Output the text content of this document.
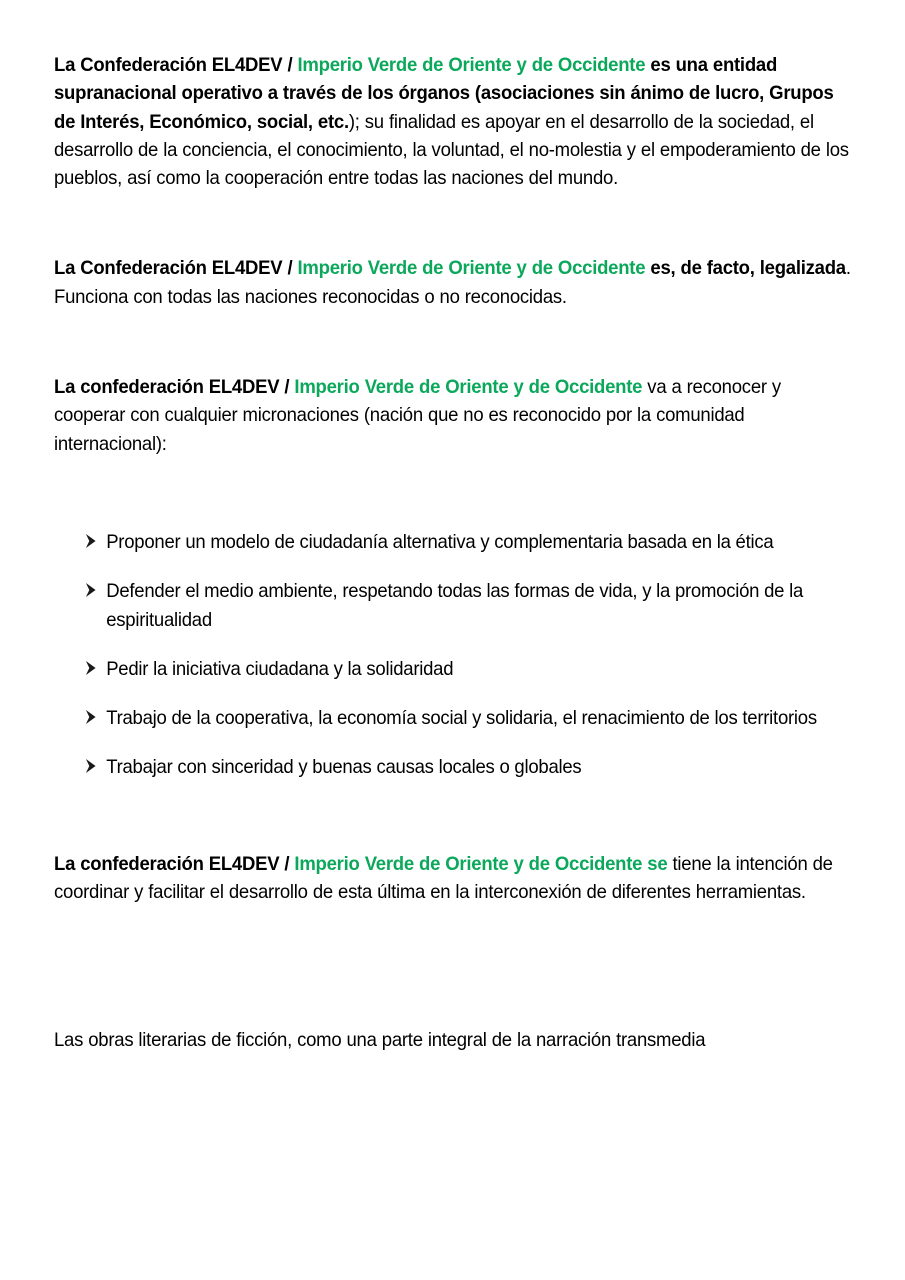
La Confederación EL4DEV / Imperio Verde de Oriente y de Occidente es una entidad supranacional operativo a través de los órganos (asociaciones sin ánimo de lucro, Grupos de Interés, Económico, social, etc.); su finalidad es apoyar en el desarrollo de la sociedad, el desarrollo de la conciencia, el conocimiento, la voluntad, el no-molestia y el empoderamiento de los pueblos, así como la cooperación entre todas las naciones del mundo.

La Confederación EL4DEV / Imperio Verde de Oriente y de Occidente es, de facto, legalizada. Funciona con todas las naciones reconocidas o no reconocidas.

La confederación EL4DEV / Imperio Verde de Oriente y de Occidente va a reconocer y cooperar con cualquier micronaciones (nación que no es reconocido por la comunidad internacional):

Proponer un modelo de ciudadanía alternativa y complementaria basada en la ética
Defender el medio ambiente, respetando todas las formas de vida, y la promoción de la espiritualidad
Pedir la iniciativa ciudadana y la solidaridad
Trabajo de la cooperativa, la economía social y solidaria, el renacimiento de los territorios
Trabajar con sinceridad y buenas causas locales o globales

La confederación EL4DEV / Imperio Verde de Oriente y de Occidente se tiene la intención de coordinar y facilitar el desarrollo de esta última en la interconexión de diferentes herramientas.

Las obras literarias de ficción, como una parte integral de la narración transmedia
